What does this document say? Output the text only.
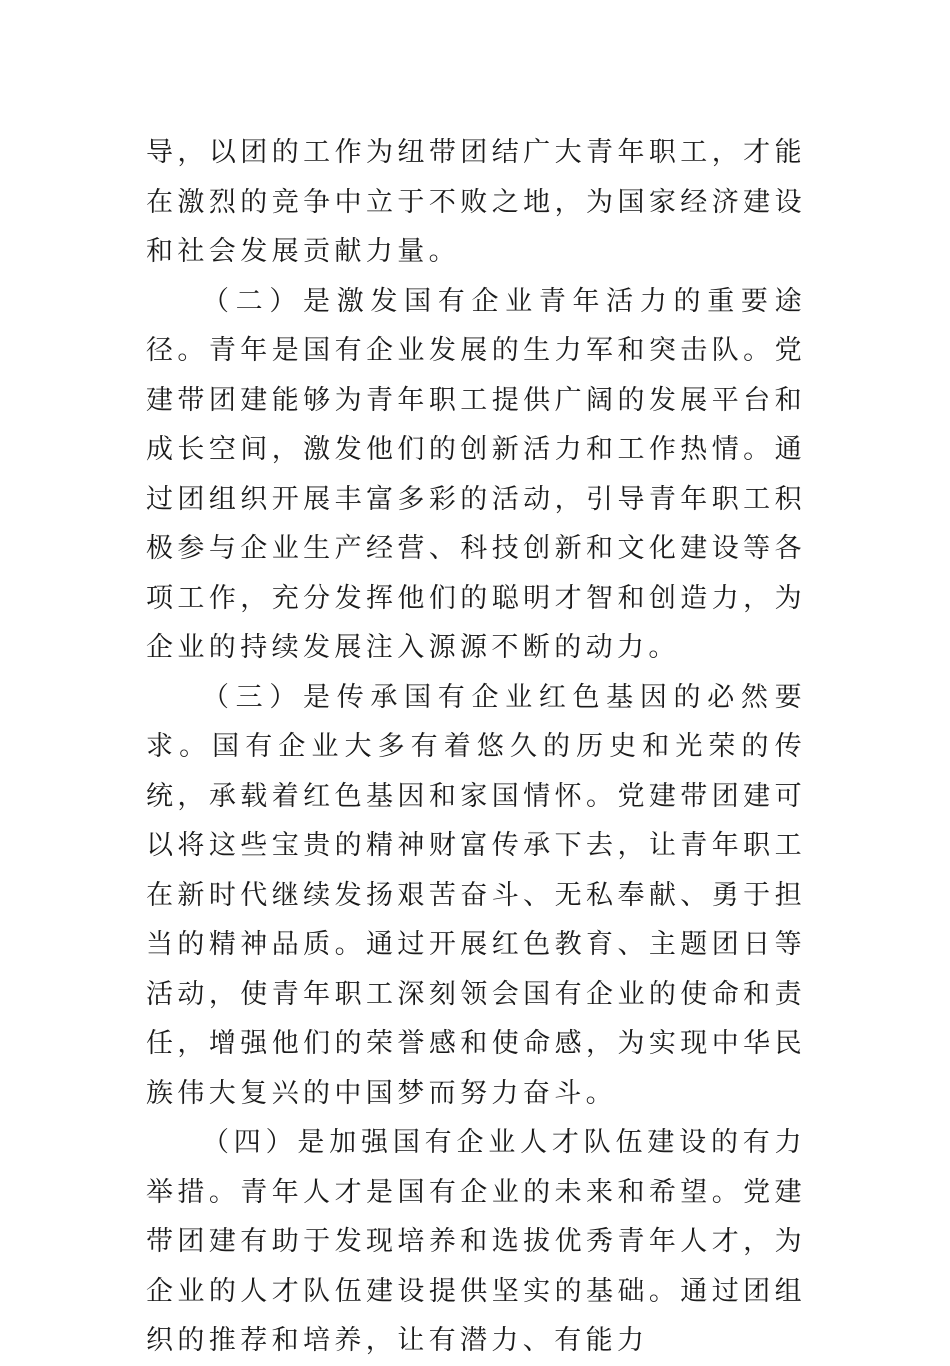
导，以团的工作为纽带团结广大青年职工，才能在激烈的竞争中立于不败之地，为国家经济建设和社会发展贡献力量。

（二）是激发国有企业青年活力的重要途径。青年是国有企业发展的生力军和突击队。党建带团建能够为青年职工提供广阔的发展平台和成长空间，激发他们的创新活力和工作热情。通过团组织开展丰富多彩的活动，引导青年职工积极参与企业生产经营、科技创新和文化建设等各项工作，充分发挥他们的聪明才智和创造力，为企业的持续发展注入源源不断的动力。

（三）是传承国有企业红色基因的必然要求。国有企业大多有着悠久的历史和光荣的传统，承载着红色基因和家国情怀。党建带团建可以将这些宝贵的精神财富传承下去，让青年职工在新时代继续发扬艰苦奋斗、无私奉献、勇于担当的精神品质。通过开展红色教育、主题团日等活动，使青年职工深刻领会国有企业的使命和责任，增强他们的荣誉感和使命感，为实现中华民族伟大复兴的中国梦而努力奋斗。

（四）是加强国有企业人才队伍建设的有力举措。青年人才是国有企业的未来和希望。党建带团建有助于发现培养和选拔优秀青年人才，为企业的人才队伍建设提供坚实的基础。通过团组织的推荐和培养，让有潜力、有能力
